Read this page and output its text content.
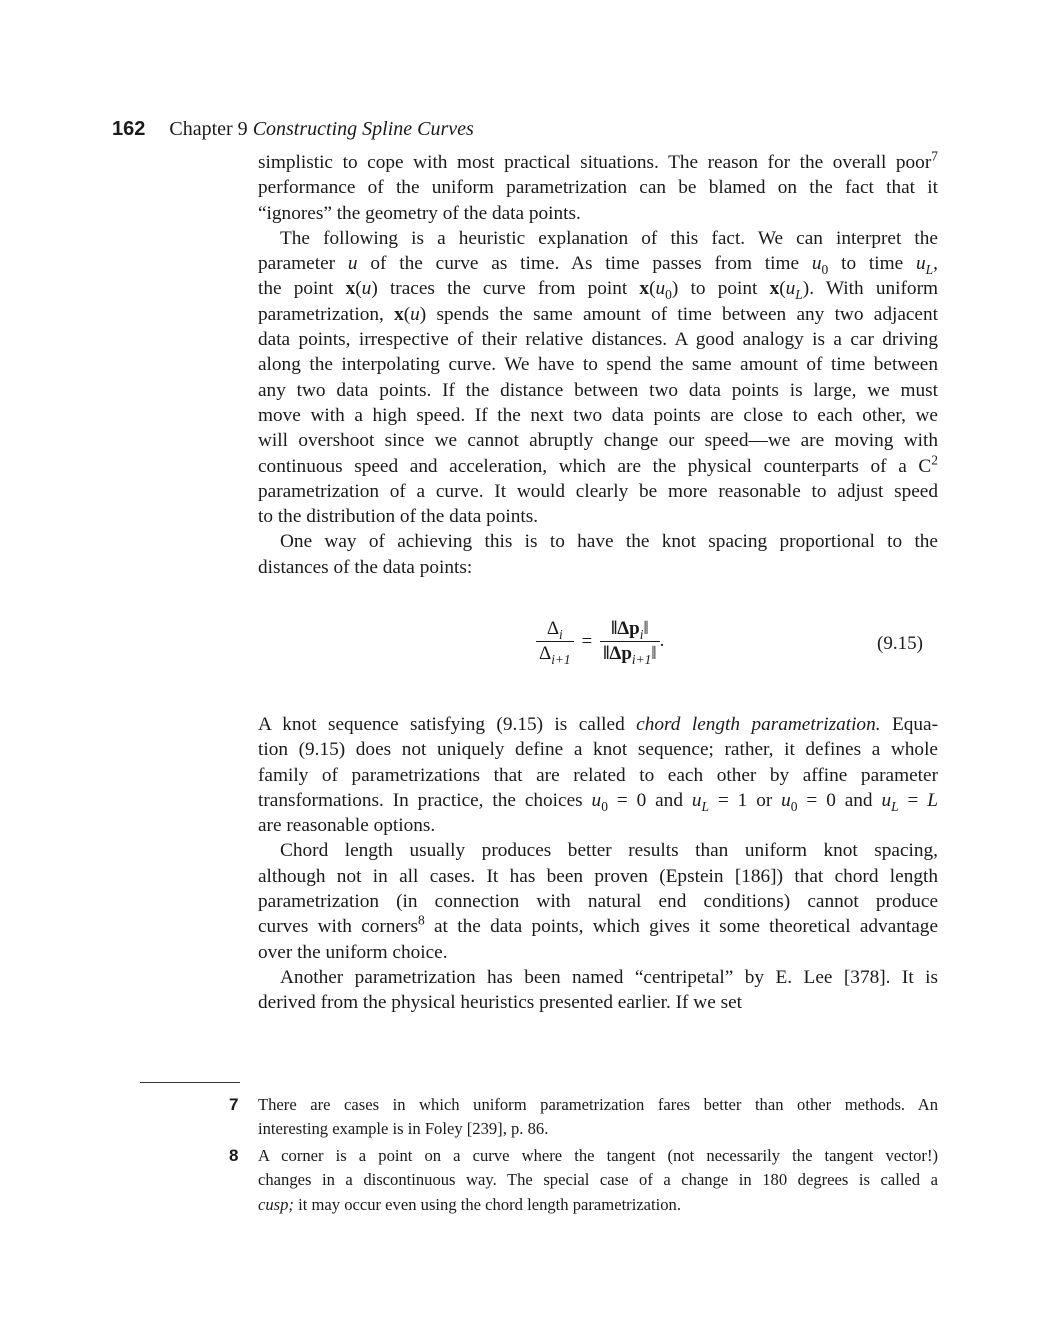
162 Chapter 9 Constructing Spline Curves
simplistic to cope with most practical situations. The reason for the overall poor$^7$
performance of the uniform parametrization can be blamed on the fact that it
“ignores” the geometry of the data points.
The following is a heuristic explanation of this fact. We can interpret the
parameter u of the curve as time. As time passes from time $u_0$ to time $u_L$,
the point x(u) traces the curve from point $x(u_0)$ to point $x(u_L)$. With uniform
parametrization, x(u) spends the same amount of time between any two adjacent
data points, irrespective of their relative distances. A good analogy is a car driving
along the interpolating curve. We have to spend the same amount of time between
any two data points. If the distance between two data points is large, we must
move with a high speed. If the next two data points are close to each other, we
will overshoot since we cannot abruptly change our speed—we are moving with
continuous speed and acceleration, which are the physical counterparts of a $C^2$
parametrization of a curve. It would clearly be more reasonable to adjust speed
to the distribution of the data points.
One way of achieving this is to have the knot spacing proportional to the
distances of the data points:
$\frac{\Delta_i}{\Delta_{i+1}} = \frac{‖\Delta p_i‖}{‖\Delta p_{i+1}‖}$ .	(9.15)
A knot sequence satisfying (9.15) is called chord length parametrization. Equa-
tion (9.15) does not uniquely define a knot sequence; rather, it defines a whole
family of parametrizations that are related to each other by affine parameter
transformations. In practice, the choices $u_0 = 0$ and $u_L = 1$ or $u_0 = 0$ and $u_L = L$
are reasonable options.
Chord length usually produces better results than uniform knot spacing,
although not in all cases. It has been proven (Epstein [186]) that chord length
parametrization (in connection with natural end conditions) cannot produce
curves with corners$^8$ at the data points, which gives it some theoretical advantage
over the uniform choice.
Another parametrization has been named “centripetal” by E. Lee [378]. It is
derived from the physical heuristics presented earlier. If we set
7 There are cases in which uniform parametrization fares better than other methods. An
interesting example is in Foley [239], p. 86.
8 A corner is a point on a curve where the tangent (not necessarily the tangent vector!)
changes in a discontinuous way. The special case of a change in 180 degrees is called a
cusp; it may occur even using the chord length parametrization.
